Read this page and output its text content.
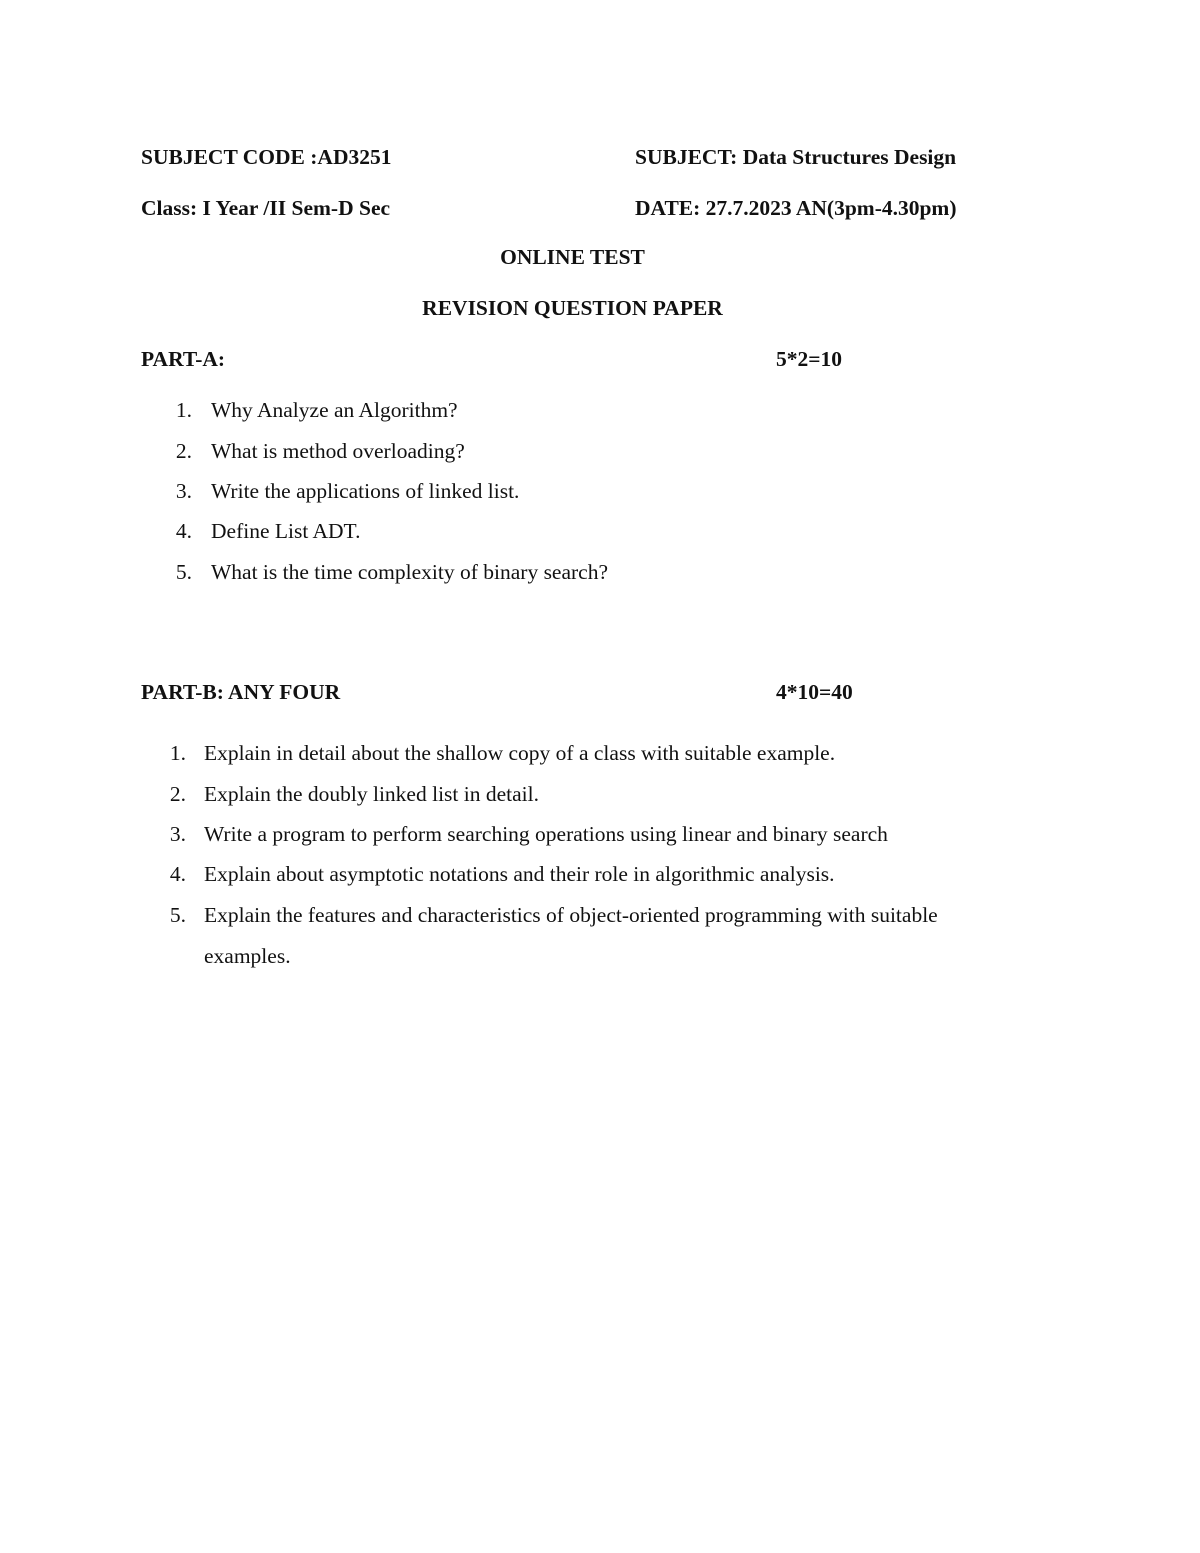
SUBJECT CODE :AD3251	SUBJECT: Data Structures Design
Class: I Year /II Sem-D Sec	DATE: 27.7.2023 AN(3pm-4.30pm)
ONLINE TEST
REVISION QUESTION PAPER
PART-A:	5*2=10
1. Why Analyze an Algorithm?
2. What is method overloading?
3. Write the applications of linked list.
4. Define List ADT.
5. What is the time complexity of binary search?
PART-B: ANY FOUR	4*10=40
1. Explain in detail about the shallow copy of a class with suitable example.
2. Explain the doubly linked list in detail.
3. Write a program to perform searching operations using linear and binary search
4. Explain about asymptotic notations and their role in algorithmic analysis.
5. Explain the features and characteristics of object-oriented programming with suitable
examples.
